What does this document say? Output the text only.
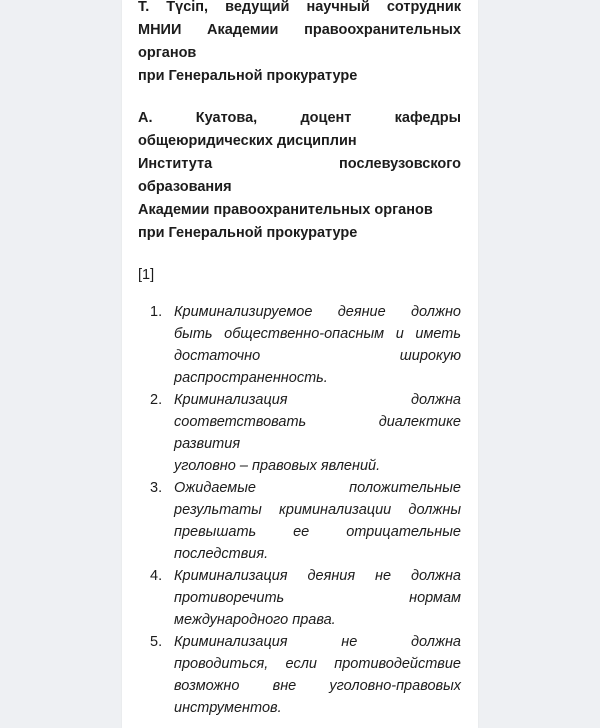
Т. Түсіп, ведущий научный сотрудник
МНИИ Академии правоохранительных
органов
при Генеральной прокуратуре
А. Куатова, доцент кафедры
общеюридических дисциплин
Института послевузовского
образования
Академии правоохранительных органов
при Генеральной прокуратуре
[1]
1. Криминализируемое деяние должно
быть общественно-опасным и иметь
достаточно широкую
распространенность.
2. Криминализация должна
соответствовать диалектике развития
уголовно – правовых явлений.
3. Ожидаемые положительные
результаты криминализации должны
превышать ее отрицательные
последствия.
4. Криминализация деяния не должна
противоречить нормам
международного права.
5. Криминализация не должна
проводиться, если противодействие
возможно вне уголовно-правовых
инструментов.
